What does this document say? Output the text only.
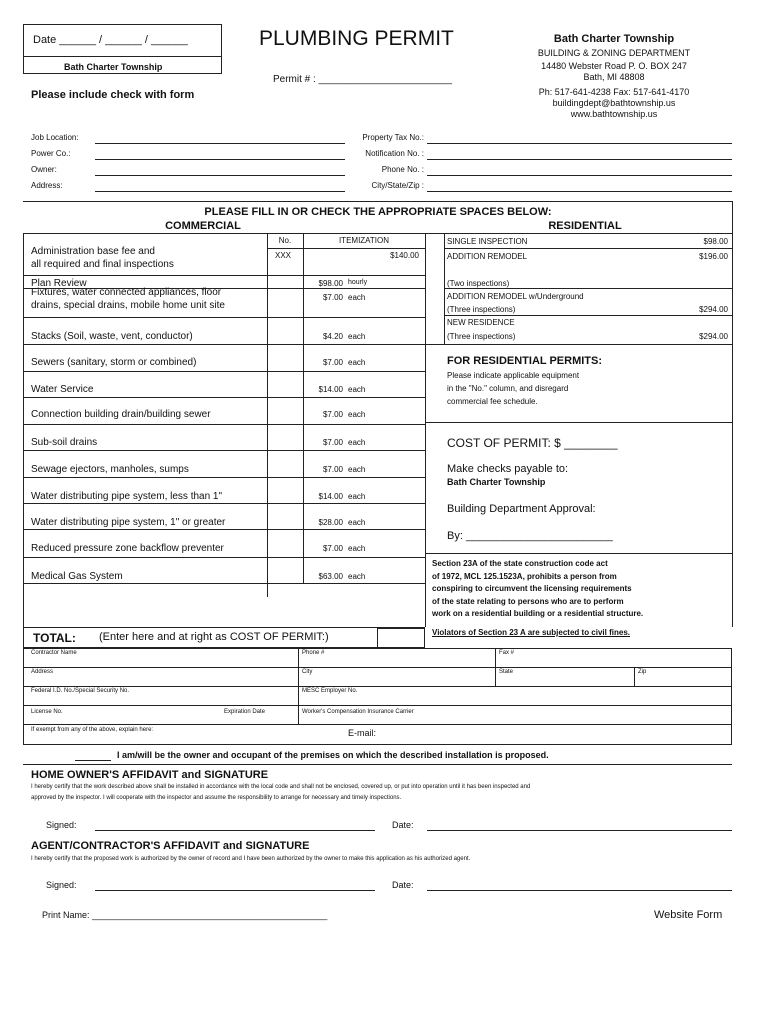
Date ______ / ______ / ______
Bath Charter Township
PLUMBING PERMIT
Permit # : ________________________
Please include check with form
Bath Charter Township
BUILDING & ZONING DEPARTMENT
14480 Webster Road P. O. BOX 247
Bath, MI 48808
Ph: 517-641-4238 Fax: 517-641-4170
buildingdept@bathtownship.us
www.bathtownship.us
Job Location:
Power Co.:
Owner:
Address:
Property Tax No.:
Notification No. :
Phone No. :
City/State/Zip :
PLEASE FILL IN OR CHECK THE APPROPRIATE SPACES BELOW:
COMMERCIAL	RESIDENTIAL
No.	ITEMIZATION
Administration base fee and
all required and final inspections
XXX	$140.00
Plan Review	$98.00 hourly
Fixtures, water connected appliances, floor
drains, special drains, mobile home unit site
$7.00 each
Stacks (Soil, waste, vent, conductor)	$4.20 each
Sewers (sanitary, storm or combined)	$7.00 each
Water Service	$14.00 each
Connection building drain/building sewer	$7.00 each
Sub-soil drains	$7.00 each
Sewage ejectors, manholes, sumps	$7.00 each
Water distributing pipe system, less than 1"	$14.00 each
Water distributing pipe system, 1" or greater	$28.00 each
Reduced pressure zone backflow preventer	$7.00 each
Medical Gas System	$63.00 each
SINGLE INSPECTION	$98.00
ADDITION REMODEL	$196.00
(Two inspections)
ADDITION REMODEL w/Underground
(Three inspections)	$294.00
NEW RESIDENCE
(Three inspections)	$294.00
FOR RESIDENTIAL PERMITS:
Please indicate applicable equipment
in the "No." column, and disregard
commercial fee schedule.
COST OF PERMIT: $ ________
Make checks payable to:
Bath Charter Township
Building Department Approval:
By: ________________________
Section 23A of the state construction code act
of 1972, MCL 125.1523A, prohibits a person from
conspiring to circumvent the licensing requirements
of the state relating to persons who are to perform
work on a residential building or a residential structure.
Violators of Section 23 A are subjected to civil fines.
TOTAL: (Enter here and at right as COST OF PERMIT:)
Contractor Name	Phone #	Fax #
Address	City	State	Zip
Federal I.D. No./Special Security No.	MESC Employer No.
License No.	Expiration Date	Worker's Compensation Insurance Carrier
If exempt from any of the above, explain here:	E-mail:
I am/will be the owner and occupant of the premises on which the described installation is proposed.
HOME OWNER'S AFFIDAVIT and SIGNATURE
I hereby certify that the work described above shall be installed in accordance with the local code and shall not be enclosed, covered up, or put into operation until it has been inspected and
approved by the inspector. I will cooperate with the inspector and assume the responsibility to arrange for necessary and timely inspections.
Signed:	Date:
AGENT/CONTRACTOR'S AFFIDAVIT and SIGNATURE
I hereby certify that the proposed work is authorized by the owner of record and I have been authorized by the owner to make this application as his authorized agent.
Signed:	Date:
Print Name: _______________________________________________	Website Form
